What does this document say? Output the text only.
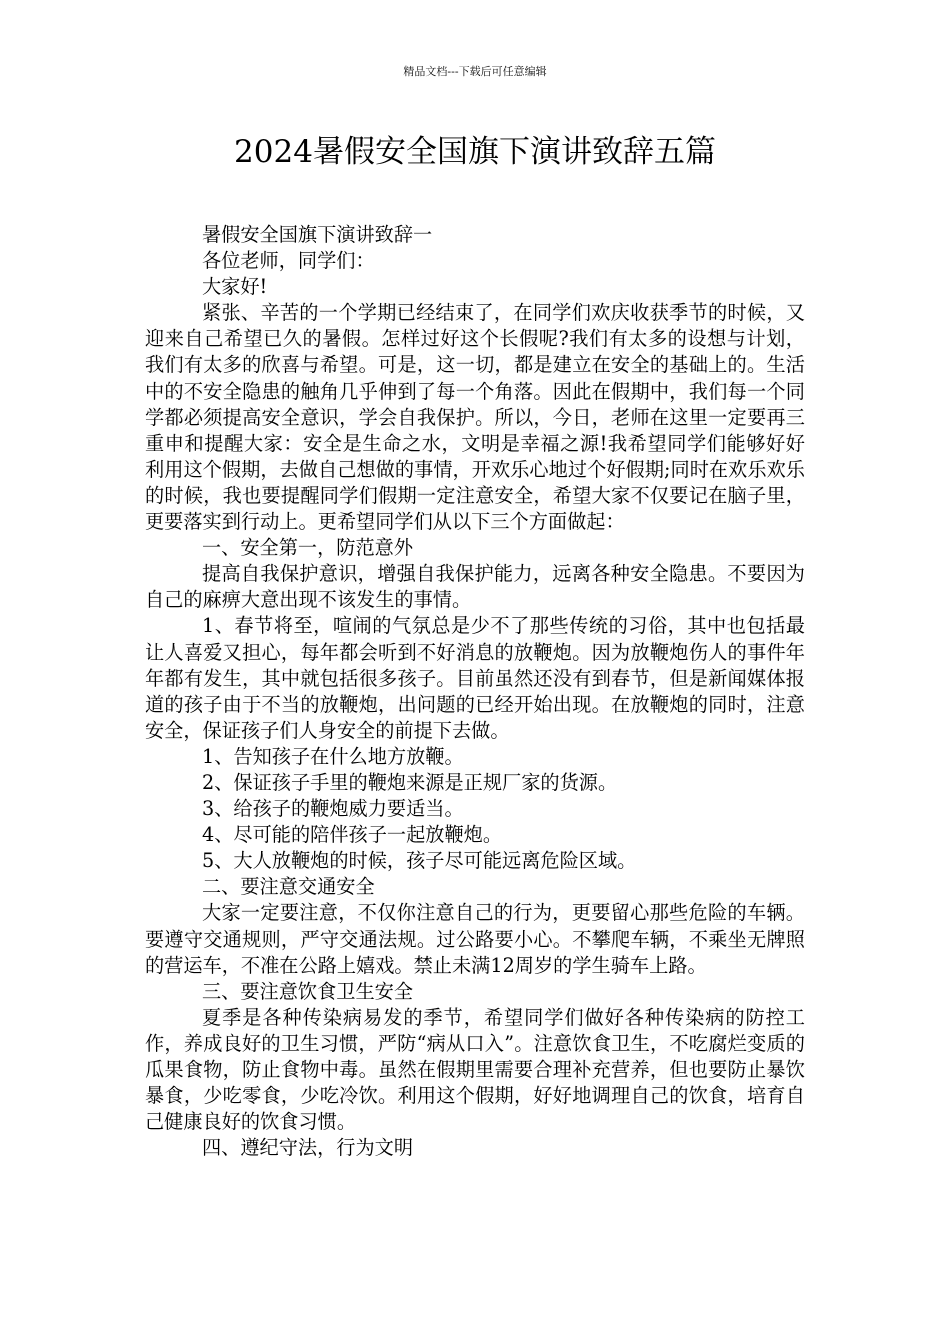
精品文档---下载后可任意编辑
2024暑假安全国旗下演讲致辞五篇

暑假安全国旗下演讲致辞一

各位老师，同学们：

大家好!

紧张、辛苦的一个学期已经结束了，在同学们欢庆收获季节的时候，又迎来自己希望已久的暑假。怎样过好这个长假呢?我们有太多的设想与计划，我们有太多的欣喜与希望。可是，这一切，都是建立在安全的基础上的。生活中的不安全隐患的触角几乎伸到了每一个角落。因此在假期中，我们每一个同学都必须提高安全意识，学会自我保护。所以，今日，老师在这里一定要再三重申和提醒大家：安全是生命之水，文明是幸福之源!我希望同学们能够好好利用这个假期，去做自己想做的事情，开欢乐心地过个好假期;同时在欢乐欢乐的时候，我也要提醒同学们假期一定注意安全，希望大家不仅要记在脑子里，更要落实到行动上。更希望同学们从以下三个方面做起：

一、安全第一，防范意外

提高自我保护意识，增强自我保护能力，远离各种安全隐患。不要因为自己的麻痹大意出现不该发生的事情。

1、春节将至，喧闹的气氛总是少不了那些传统的习俗，其中也包括最让人喜爱又担心，每年都会听到不好消息的放鞭炮。因为放鞭炮伤人的事件年年都有发生，其中就包括很多孩子。目前虽然还没有到春节，但是新闻媒体报道的孩子由于不当的放鞭炮，出问题的已经开始出现。在放鞭炮的同时，注意安全，保证孩子们人身安全的前提下去做。

1、告知孩子在什么地方放鞭。

2、保证孩子手里的鞭炮来源是正规厂家的货源。

3、给孩子的鞭炮威力要适当。

4、尽可能的陪伴孩子一起放鞭炮。

5、大人放鞭炮的时候，孩子尽可能远离危险区域。

二、要注意交通安全

大家一定要注意，不仅你注意自己的行为，更要留心那些危险的车辆。要遵守交通规则，严守交通法规。过公路要小心。不攀爬车辆，不乘坐无牌照的营运车，不准在公路上嬉戏。禁止未满12周岁的学生骑车上路。

三、要注意饮食卫生安全

夏季是各种传染病易发的季节，希望同学们做好各种传染病的防控工作，养成良好的卫生习惯，严防“病从口入”。注意饮食卫生，不吃腐烂变质的瓜果食物，防止食物中毒。虽然在假期里需要合理补充营养，但也要防止暴饮暴食，少吃零食，少吃冷饮。利用这个假期，好好地调理自己的饮食，培育自己健康良好的饮食习惯。

四、遵纪守法，行为文明
